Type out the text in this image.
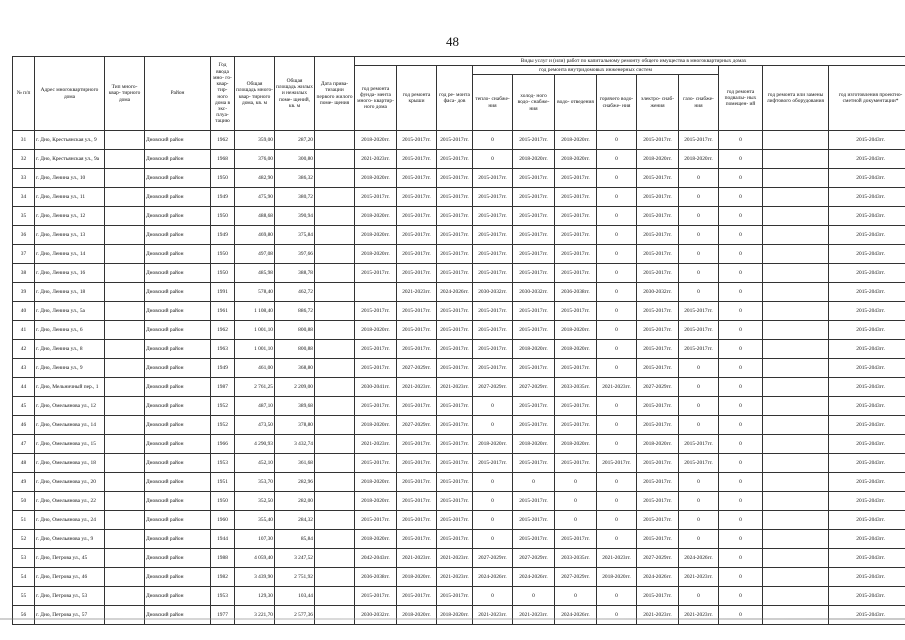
48
№ п/п	Адрес многоквартирного дома	Тип много- квар- тирного дома	Район	Год ввода мно- го- квар- тир- ного дома в экс- плуа- тацию	Общая площадь много- квар- тирного дома, кв. м	Общая площадь жилых и нежилых поме- щений, кв. м	Дата прива- тизации первого жилого поме- щения	Виды услуг и (или) работ по капитальному ремонту общего имущества в многоквартирных домах											
								год ремонта фунда- мента много- квартир- ного дома	год ремонта крыши	год ре- монта фаса- дов	год ремонта внутридомовых инженерных систем						год ремонта подвалы- ных помещен- ий	год ремонта или замены лифтового оборудования	год изготовления проектно-сметной документации*
											тепло- снабже- ния	холод- ного водо- снабже- ния	водо- отведения	горячего водо- снабже- ния	электро- снаб- жения	газо- снабже- ния			
31	г. Дно, Крестьянская ул., 9		Дновский район	1962	359,00	287,20		2018-2020гг.	2015-2017гг.	2015-2017гг.	0	2015-2017гг.	2018-2020гг.	0	2015-2017гг.	2015-2017гг.	0		2015-2043гг.
32	г. Дно, Крестьянская ул., 9а		Дновский район	1968	376,00	300,80		2021-2023гг.	2015-2017гг.	2015-2017гг.	0	2018-2020гг.	2018-2020гг.	0	2018-2020гг.	2018-2020гг.	0		2015-2043гг.
33	г. Дно, Ленина ул., 10		Дновский район	1950	482,90	386,32		2018-2020гг.	2015-2017гг.	2015-2017гг.	2015-2017гг.	2015-2017гг.	2015-2017гг.	0	2015-2017гг.	0	0		2015-2043гг.
34	г. Дно, Ленина ул., 11		Дновский район	1949	475,90	380,72		2015-2017гг.	2015-2017гг.	2015-2017гг.	2015-2017гг.	2015-2017гг.	2015-2017гг.	0	2015-2017гг.	0	0		2015-2043гг.
35	г. Дно, Ленина ул., 12		Дновский район	1950	488,68	390,94		2018-2020гг.	2015-2017гг.	2015-2017гг.	2015-2017гг.	2015-2017гг.	2015-2017гг.	0	2015-2017гг.	0	0		2015-2043гг.
36	г. Дно, Ленина ул., 13		Дновский район	1949	469,80	375,84		2018-2020гг.	2015-2017гг.	2015-2017гг.	2015-2017гг.	2015-2017гг.	2015-2017гг.	0	2015-2017гг.	0	0		2015-2043гг.
37	г. Дно, Ленина ул., 14		Дновский район	1950	497,08	397,66		2018-2020гг.	2015-2017гг.	2015-2017гг.	2015-2017гг.	2015-2017гг.	2015-2017гг.	0	2015-2017гг.	0	0		2015-2043гг.
38	г. Дно, Ленина ул., 16		Дновский район	1950	485,98	388,78		2015-2017гг.	2015-2017гг.	2015-2017гг.	2015-2017гг.	2015-2017гг.	2015-2017гг.	0	2015-2017гг.	0	0		2015-2043гг.
39	г. Дно, Ленина ул., 18		Дновский район	1991	578,40	462,72			2021-2023гг.	2024-2026гг.	2030-2032гг.	2030-2032гг.	2036-2038гг.	0	2030-2032гг.	0	0		2015-2043гг.
40	г. Дно, Ленина ул., 5а		Дновский район	1961	1 108,40	886,72		2015-2017гг.	2015-2017гг.	2015-2017гг.	2015-2017гг.	2015-2017гг.	2015-2017гг.	0	2015-2017гг.	2015-2017гг.	0		2015-2043гг.
41	г. Дно, Ленина ул., 6		Дновский район	1962	1 001,10	800,88		2018-2020гг.	2015-2017гг.	2015-2017гг.	2015-2017гг.	2015-2017гг.	2018-2020гг.	0	2015-2017гг.	2015-2017гг.	0		2015-2043гг.
42	г. Дно, Ленина ул., 8		Дновский район	1963	1 001,10	800,88		2015-2017гг.	2015-2017гг.	2015-2017гг.	2015-2017гг.	2018-2020гг.	2018-2020гг.	0	2015-2017гг.	2015-2017гг.	0		2015-2043гг.
43	г. Дно, Ленина ул., 9		Дновский район	1949	461,00	368,80		2015-2017гг.	2027-2029гг.	2015-2017гг.	2015-2017гг.	2015-2017гг.	2015-2017гг.	0	2015-2017гг.	0	0		2015-2043гг.
44	г. Дно, Мельничный пер., 1		Дновский район	1987	2 761,25	2 209,00		2030-2041гг.	2021-2023гг.	2021-2023гг.	2027-2029гг.	2027-2029гг.	2033-2035гг.	2021-2023гг.	2027-2029гг.	0	0		2015-2043гг.
45	г. Дно, Омельянова ул., 12		Дновский район	1952	487,10	389,68		2015-2017гг.	2015-2017гг.	2015-2017гг.	0	2015-2017гг.	2015-2017гг.	0	2015-2017гг.	0	0		2015-2043гг.
46	г. Дно, Омельянова ул., 14		Дновский район	1952	473,50	378,80		2018-2020гг.	2027-2029гг.	2015-2017гг.	0	2015-2017гг.	2015-2017гг.	0	2015-2017гг.	0	0		2015-2043гг.
47	г. Дно, Омельянова ул., 15		Дновский район	1966	4 290,93	3 432,74		2021-2023гг.	2015-2017гг.	2015-2017гг.	2018-2020гг.	2018-2020гг.	2018-2020гг.	0	2018-2020гг.	2015-2017гг.	0		2015-2043гг.
48	г. Дно, Омельянова ул., 18		Дновский район	1953	452,10	361,68		2015-2017гг.	2015-2017гг.	2015-2017гг.	2015-2017гг.	2015-2017гг.	2015-2017гг.	2015-2017гг.	2015-2017гг.	2015-2017гг.	0		2015-2043гг.
49	г. Дно, Омельянова ул., 20		Дновский район	1951	353,70	282,96		2018-2020гг.	2015-2017гг.	2015-2017гг.	0	0	0	0	2015-2017гг.	0	0		2015-2043гг.
50	г. Дно, Омельянова ул., 22		Дновский район	1950	352,50	282,00		2018-2020гг.	2015-2017гг.	2015-2017гг.	0	2015-2017гг.	0	0	2015-2017гг.	0	0		2015-2043гг.
51	г. Дно, Омельянова ул., 24		Дновский район	1960	355,40	284,32		2015-2017гг.	2015-2017гг.	2015-2017гг.	0	2015-2017гг.	0	0	2015-2017гг.	0	0		2015-2043гг.
52	г. Дно, Омельянова ул., 9		Дновский район	1944	107,30	85,84		2018-2020гг.	2015-2017гг.	2015-2017гг.	0	2015-2017гг.	2015-2017гг.	0	2015-2017гг.	0	0		2015-2043гг.
53	г. Дно, Петрова ул., 45		Дновский район	1988	4 059,40	3 247,52		2042-2043гг.	2021-2023гг.	2021-2023гг.	2027-2029гг.	2027-2029гг.	2033-2035гг.	2021-2023гг.	2027-2029гг.	2024-2026гг.	0		2015-2043гг.
54	г. Дно, Петрова ул., 46		Дновский район	1982	3 439,90	2 751,92		2036-2038гг.	2018-2020гг.	2021-2023гг.	2024-2026гг.	2024-2026гг.	2027-2029гг.	2018-2020гг.	2024-2026гг.	2021-2023гг.	0		2015-2043гг.
55	г. Дно, Петрова ул., 53		Дновский район	1953	129,30	103,44		2015-2017гг.	2015-2017гг.	2015-2017гг.	0	0	0	0	2015-2017гг.	0	0		2015-2043гг.
56	г. Дно, Петрова ул., 57		Дновский район	1977	3 221,70	2 577,36		2030-2032гг.	2018-2020гг.	2018-2020гг.	2021-2023гг.	2021-2023гг.	2024-2026гг.	0	2021-2023гг.	2021-2023гг.	0		2015-2043гг.
